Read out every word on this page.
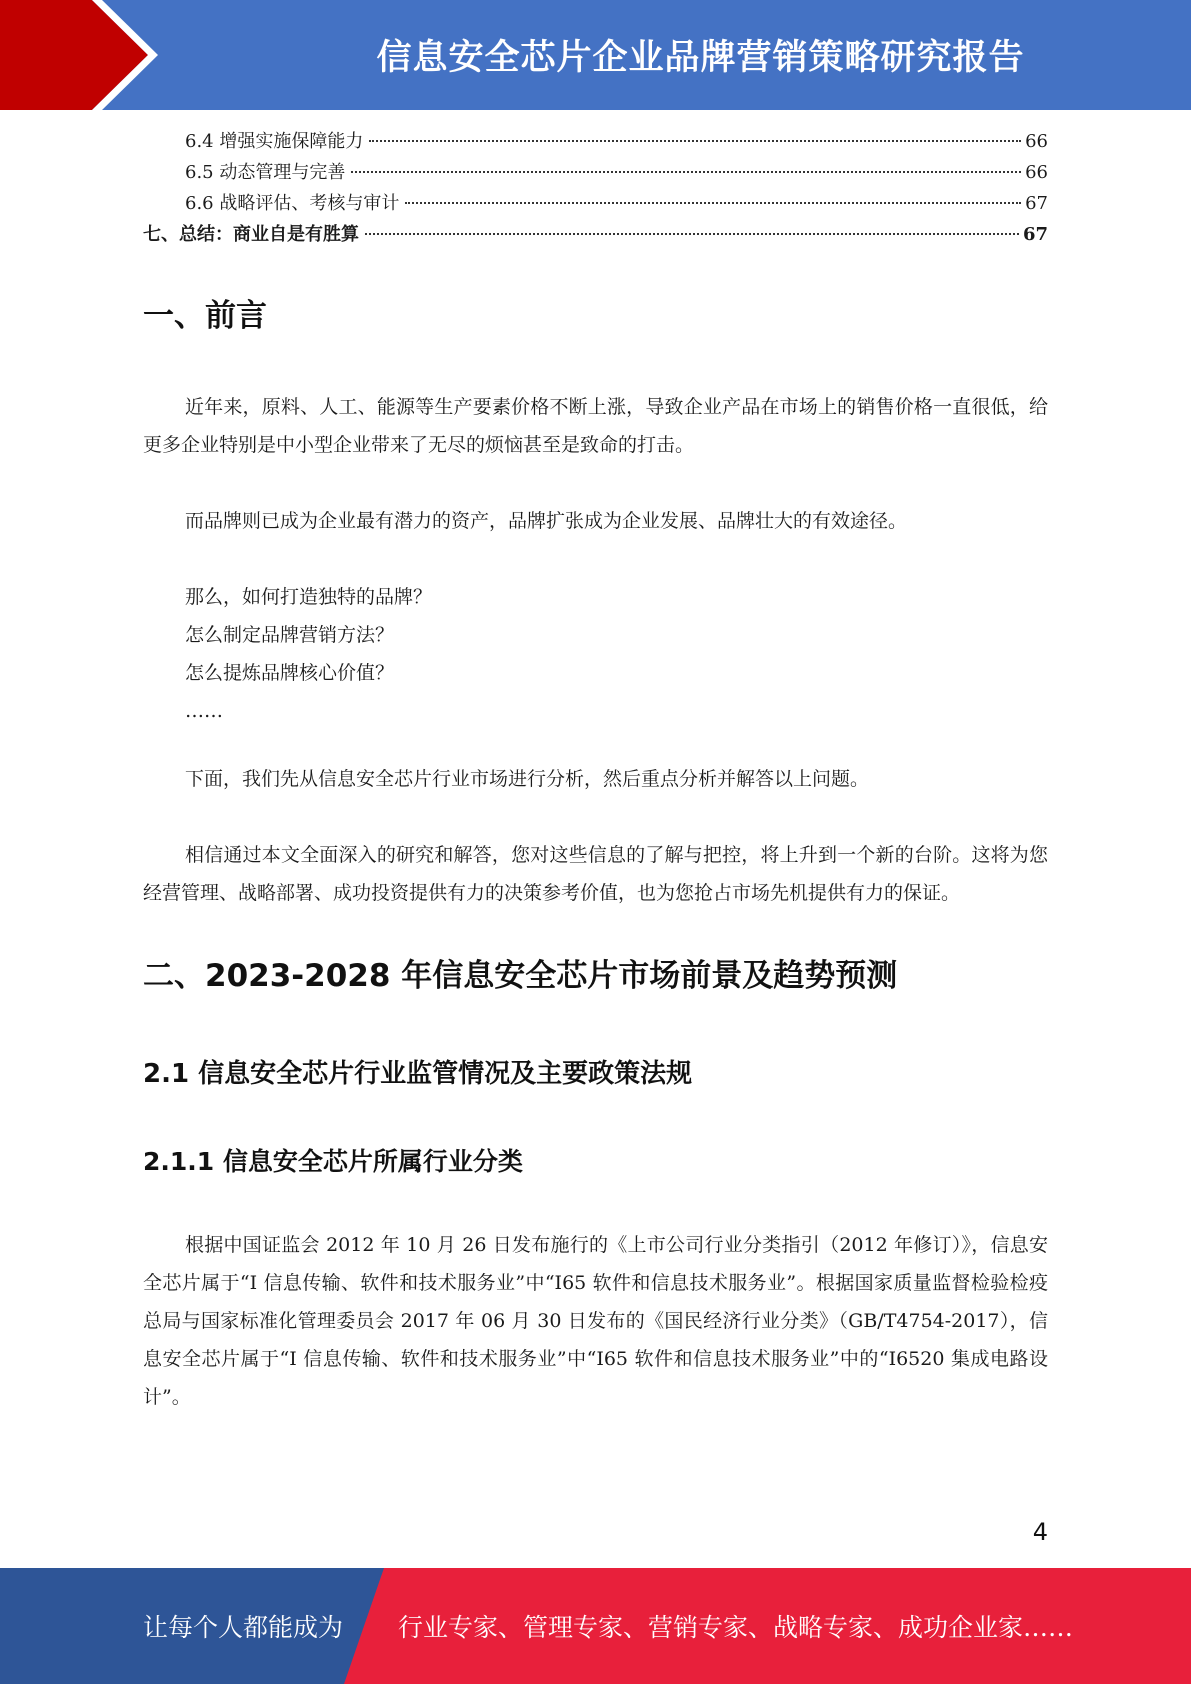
信息安全芯片企业品牌营销策略研究报告
6.4 增强实施保障能力	66
6.5 动态管理与完善	66
6.6 战略评估、考核与审计	67
七、总结：商业自是有胜算	67
一、前言

近年来，原料、人工、能源等生产要素价格不断上涨，导致企业产品在市场上的销售价格一直很低，给更多企业特别是中小型企业带来了无尽的烦恼甚至是致命的打击。

而品牌则已成为企业最有潜力的资产，品牌扩张成为企业发展、品牌壮大的有效途径。

那么，如何打造独特的品牌？

怎么制定品牌营销方法？

怎么提炼品牌核心价值？

……

下面，我们先从信息安全芯片行业市场进行分析，然后重点分析并解答以上问题。

相信通过本文全面深入的研究和解答，您对这些信息的了解与把控，将上升到一个新的台阶。这将为您经营管理、战略部署、成功投资提供有力的决策参考价值，也为您抢占市场先机提供有力的保证。

二、2023-2028 年信息安全芯片市场前景及趋势预测
2.1 信息安全芯片行业监管情况及主要政策法规
2.1.1 信息安全芯片所属行业分类

根据中国证监会 2012 年 10 月 26 日发布施行的《上市公司行业分类指引（2012 年修订）》，信息安全芯片属于“I 信息传输、软件和技术服务业”中“I65 软件和信息技术服务业”。根据国家质量监督检验检疫总局与国家标准化管理委员会 2017 年 06 月 30 日发布的《国民经济行业分类》（GB/T4754-2017），信息安全芯片属于“I 信息传输、软件和技术服务业”中“I65 软件和信息技术服务业”中的“I6520 集成电路设计”。

4
让每个人都能成为 行业专家、管理专家、营销专家、战略专家、成功企业家……
